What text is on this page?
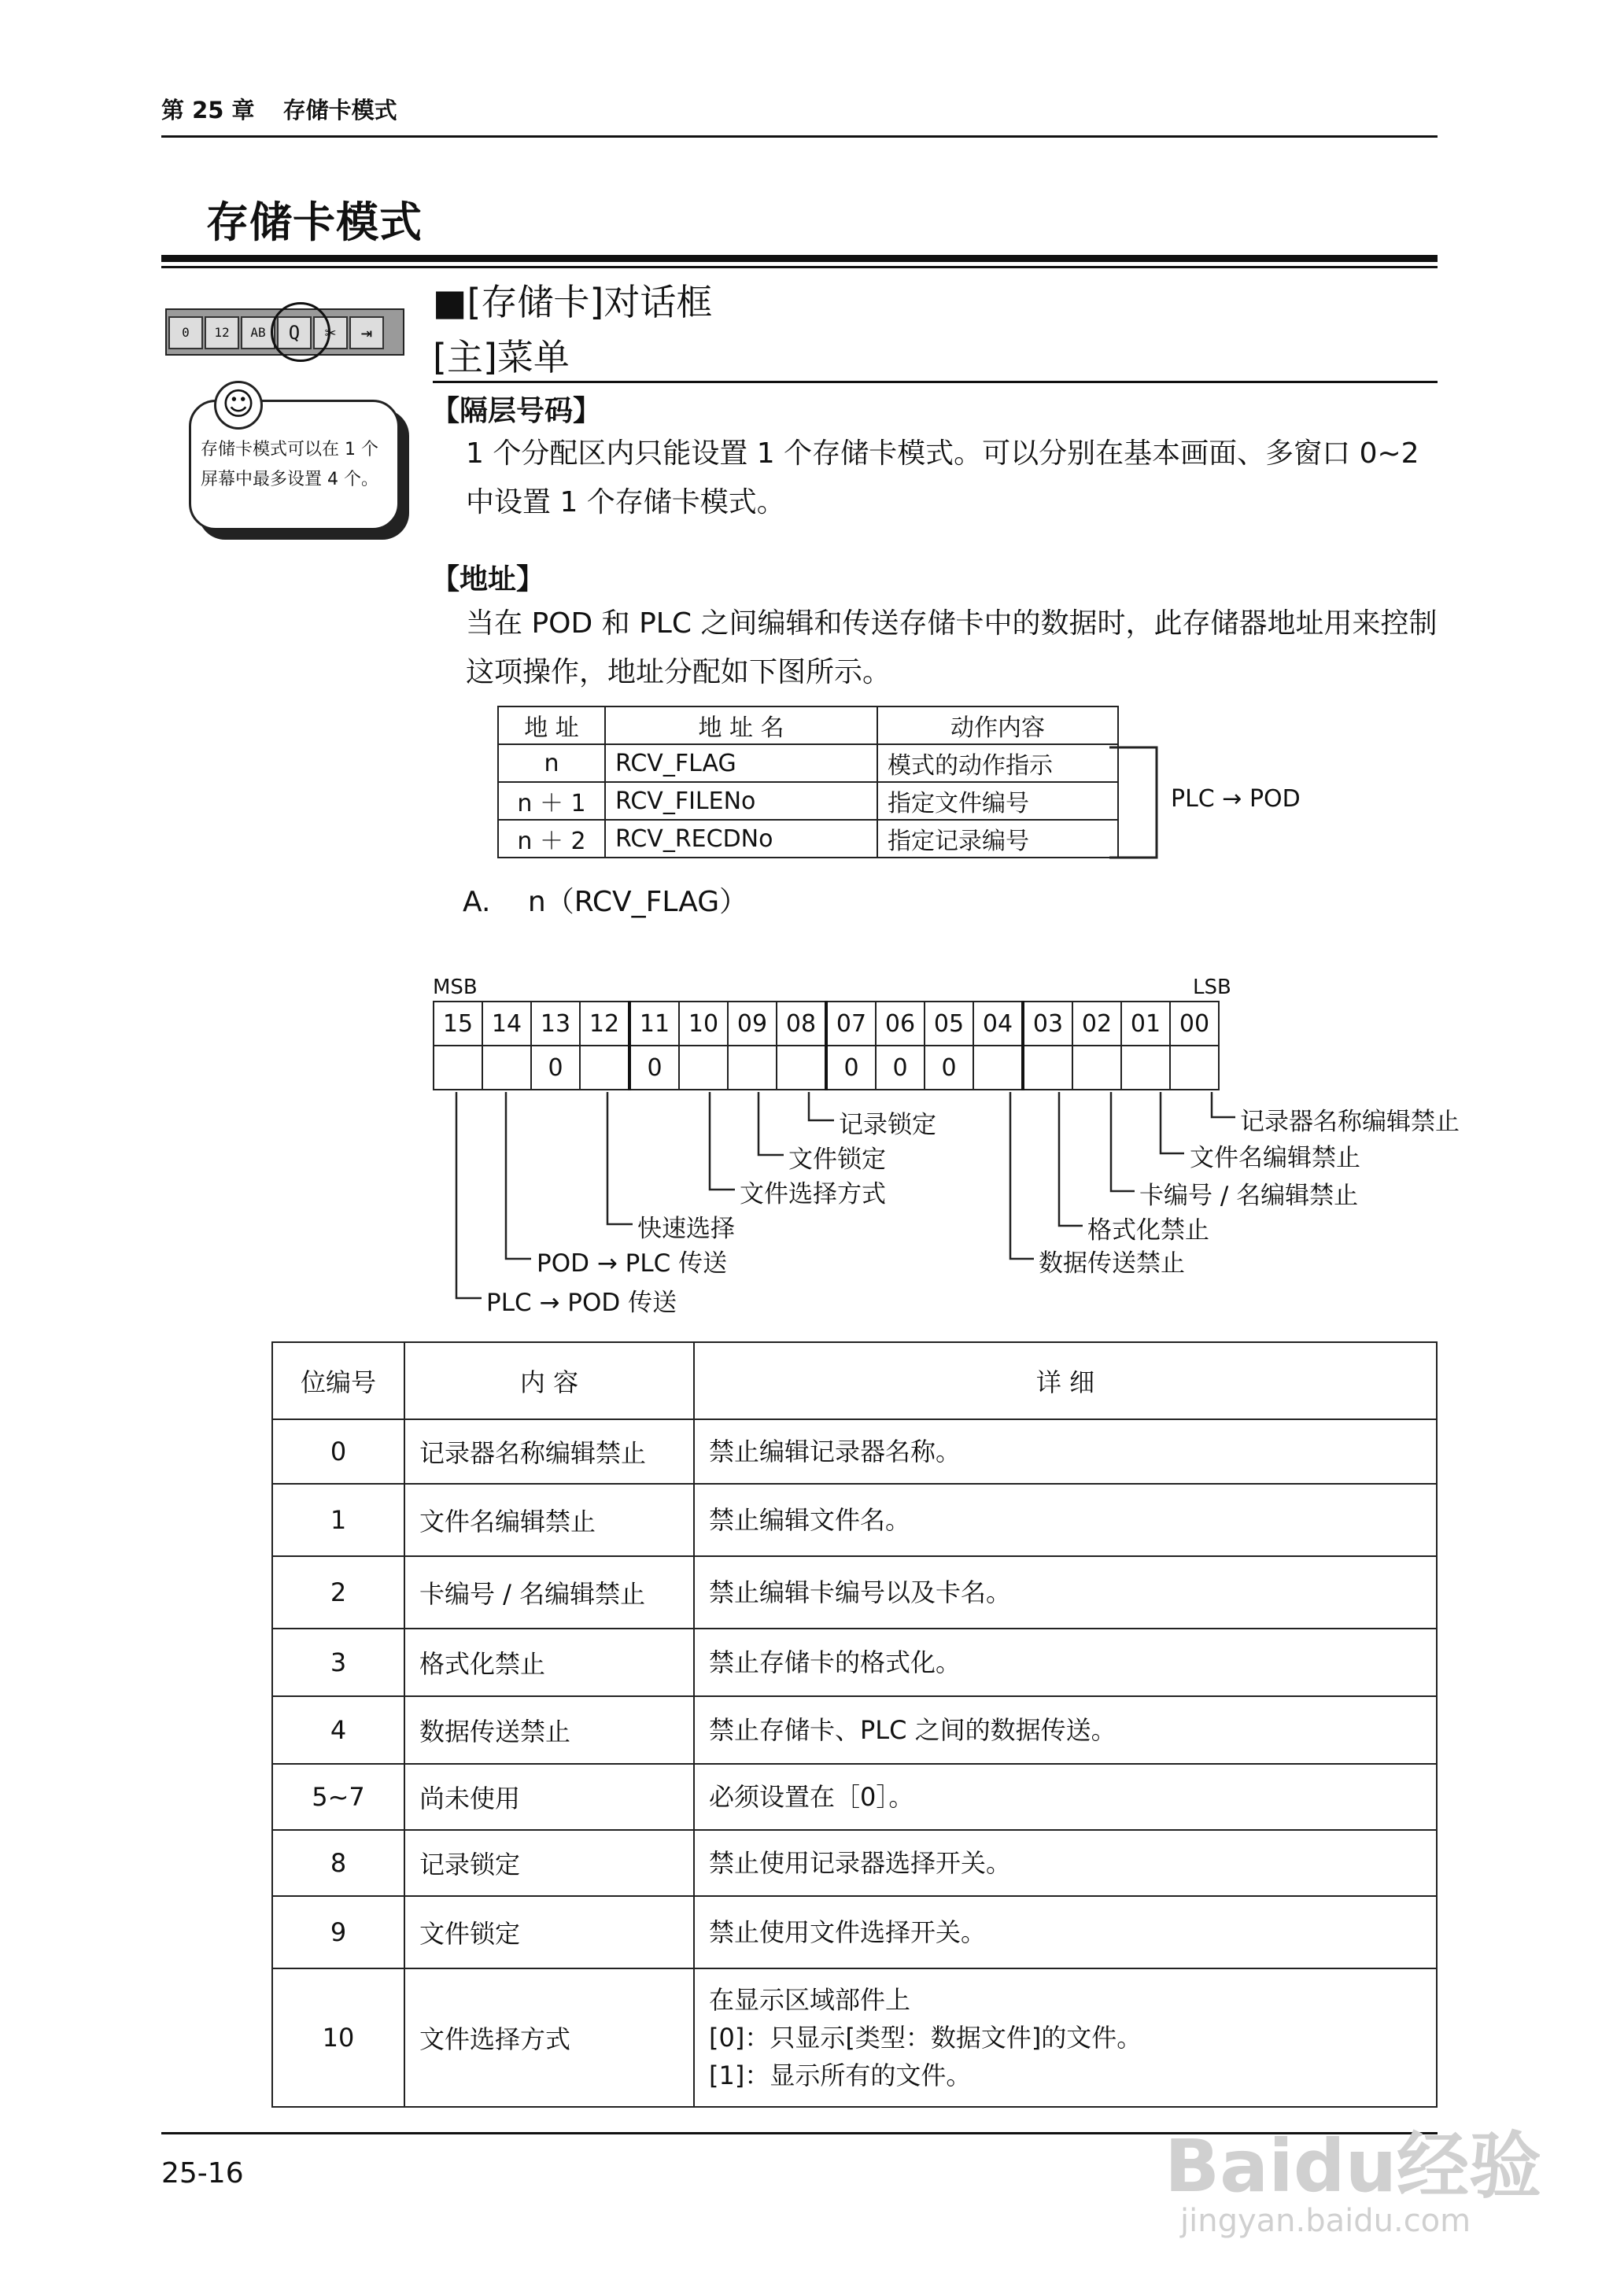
第 25 章 存储卡模式
存储卡模式
0	12	AB	Q	✂	⇥
存储卡模式可以在 1 个屏幕中最多设置 4 个。
☺
■[存储卡]对话框
[主]菜单
【隔层号码】
1 个分配区内只能设置 1 个存储卡模式。可以分别在基本画面、多窗口 0~2 中设置 1 个存储卡模式。
【地址】
当在 POD 和 PLC 之间编辑和传送存储卡中的数据时，此存储器地址用来控制这项操作，地址分配如下图所示。
地 址	地 址 名	动作内容
n	RCV_FLAG	模式的动作指示
n ＋ 1	RCV_FILENo	指定文件编号
n ＋ 2	RCV_RECDNo	指定记录编号
PLC → POD
A.　 n（RCV_FLAG）
MSB	LSB
15	14	13	12	11	10	09	08	07	06	05	04	03	02	01	00
		0		0				0	0	0					
记录锁定
文件锁定
文件选择方式
快速选择
POD → PLC 传送
PLC → POD 传送
记录器名称编辑禁止
文件名编辑禁止
卡编号 / 名编辑禁止
格式化禁止
数据传送禁止
位编号	内 容	详 细
0	记录器名称编辑禁止	禁止编辑记录器名称。

1	文件名编辑禁止	禁止编辑文件名。

2	卡编号 / 名编辑禁止	禁止编辑卡编号以及卡名。

3	格式化禁止	禁止存储卡的格式化。

4	数据传送禁止	禁止存储卡、PLC 之间的数据传送。

5~7	尚未使用	必须设置在［0］。

8	记录锁定	禁止使用记录器选择开关。

9	文件锁定	禁止使用文件选择开关。

10	文件选择方式	在显示区域部件上
[0]：只显示[类型：数据文件]的文件。
[1]：显示所有的文件。
25-16	Baidu经验
jingyan.baidu.com
